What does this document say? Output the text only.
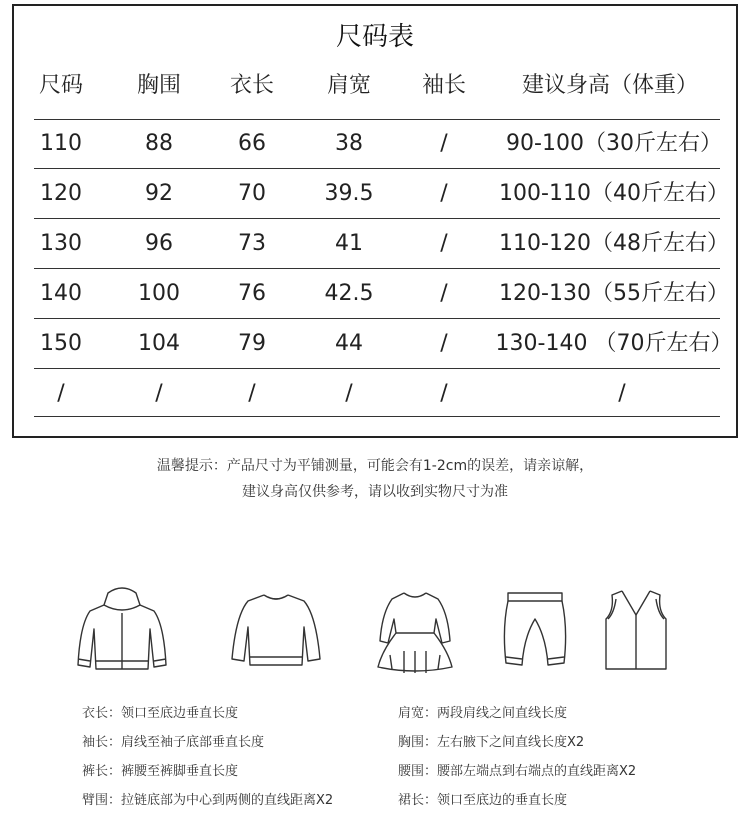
尺码表
尺码 胸围 衣长 肩宽 袖长	建议身高（体重）
110	88	66	38	/	90-100（30斤左右）
120	92	70	39.5	/ 100-110（40斤左右）
130	96	73	41	/ 110-120（48斤左右）
140	100	76	42.5	/ 120-130（55斤左右）
150	104	79	44	/ 130-140 （70斤左右）
/	/	/	/	/	/
温馨提示：产品尺寸为平铺测量，可能会有1-2cm的误差，请亲谅解，
建议身高仅供参考，请以收到实物尺寸为准
衣长：领口至底边垂直长度
袖长：肩线至袖子底部垂直长度
裤长：裤腰至裤脚垂直长度
臂围：拉链底部为中心到两侧的直线距离X2
肩宽：两段肩线之间直线长度
胸围：左右腋下之间直线长度X2
腰围：腰部左端点到右端点的直线距离X2
裙长：领口至底边的垂直长度
